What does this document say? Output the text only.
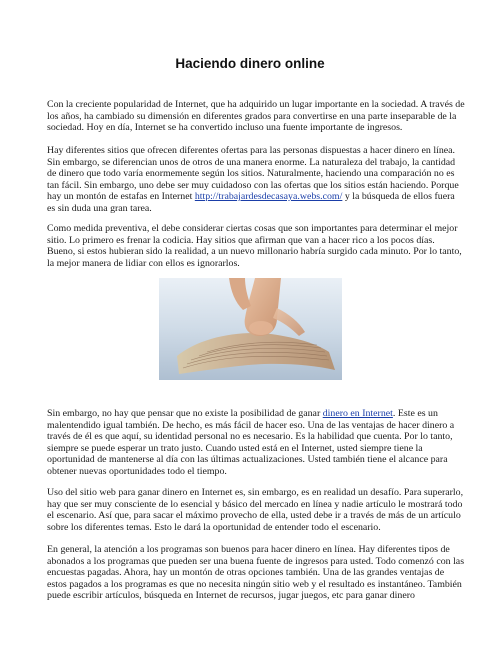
Haciendo dinero online

Con la creciente popularidad de Internet, que ha adquirido un lugar importante en la sociedad. A través de los años, ha cambiado su dimensión en diferentes grados para convertirse en una parte inseparable de la sociedad. Hoy en día, Internet se ha convertido incluso una fuente importante de ingresos.

Hay diferentes sitios que ofrecen diferentes ofertas para las personas dispuestas a hacer dinero en línea. Sin embargo, se diferencian unos de otros de una manera enorme. La naturaleza del trabajo, la cantidad de dinero que todo varía enormemente según los sitios. Naturalmente, haciendo una comparación no es tan fácil. Sin embargo, uno debe ser muy cuidadoso con las ofertas que los sitios están haciendo. Porque hay un montón de estafas en Internet http://trabajardesdecasaya.webs.com/ y la búsqueda de ellos fuera es sin duda una gran tarea.

Como medida preventiva, el debe considerar ciertas cosas que son importantes para determinar el mejor sitio. Lo primero es frenar la codicia. Hay sitios que afirman que van a hacer rico a los pocos días. Bueno, si estos hubieran sido la realidad, a un nuevo millonario habría surgido cada minuto. Por lo tanto, la mejor manera de lidiar con ellos es ignorarlos.

Sin embargo, no hay que pensar que no existe la posibilidad de ganar dinero en Internet. Este es un malentendido igual también. De hecho, es más fácil de hacer eso. Una de las ventajas de hacer dinero a través de él es que aquí, su identidad personal no es necesario. Es la habilidad que cuenta. Por lo tanto, siempre se puede esperar un trato justo. Cuando usted está en el Internet, usted siempre tiene la oportunidad de mantenerse al día con las últimas actualizaciones. Usted también tiene el alcance para obtener nuevas oportunidades todo el tiempo.

Uso del sitio web para ganar dinero en Internet es, sin embargo, es en realidad un desafío. Para superarlo, hay que ser muy consciente de lo esencial y básico del mercado en línea y nadie artículo le mostrará todo el escenario. Así que, para sacar el máximo provecho de ella, usted debe ir a través de más de un artículo sobre los diferentes temas. Esto le dará la oportunidad de entender todo el escenario.

En general, la atención a los programas son buenos para hacer dinero en línea. Hay diferentes tipos de abonados a los programas que pueden ser una buena fuente de ingresos para usted. Todo comenzó con las encuestas pagadas. Ahora, hay un montón de otras opciones también. Una de las grandes ventajas de estos pagados a los programas es que no necesita ningún sitio web y el resultado es instantáneo. También puede escribir artículos, búsqueda en Internet de recursos, jugar juegos, etc para ganar dinero
